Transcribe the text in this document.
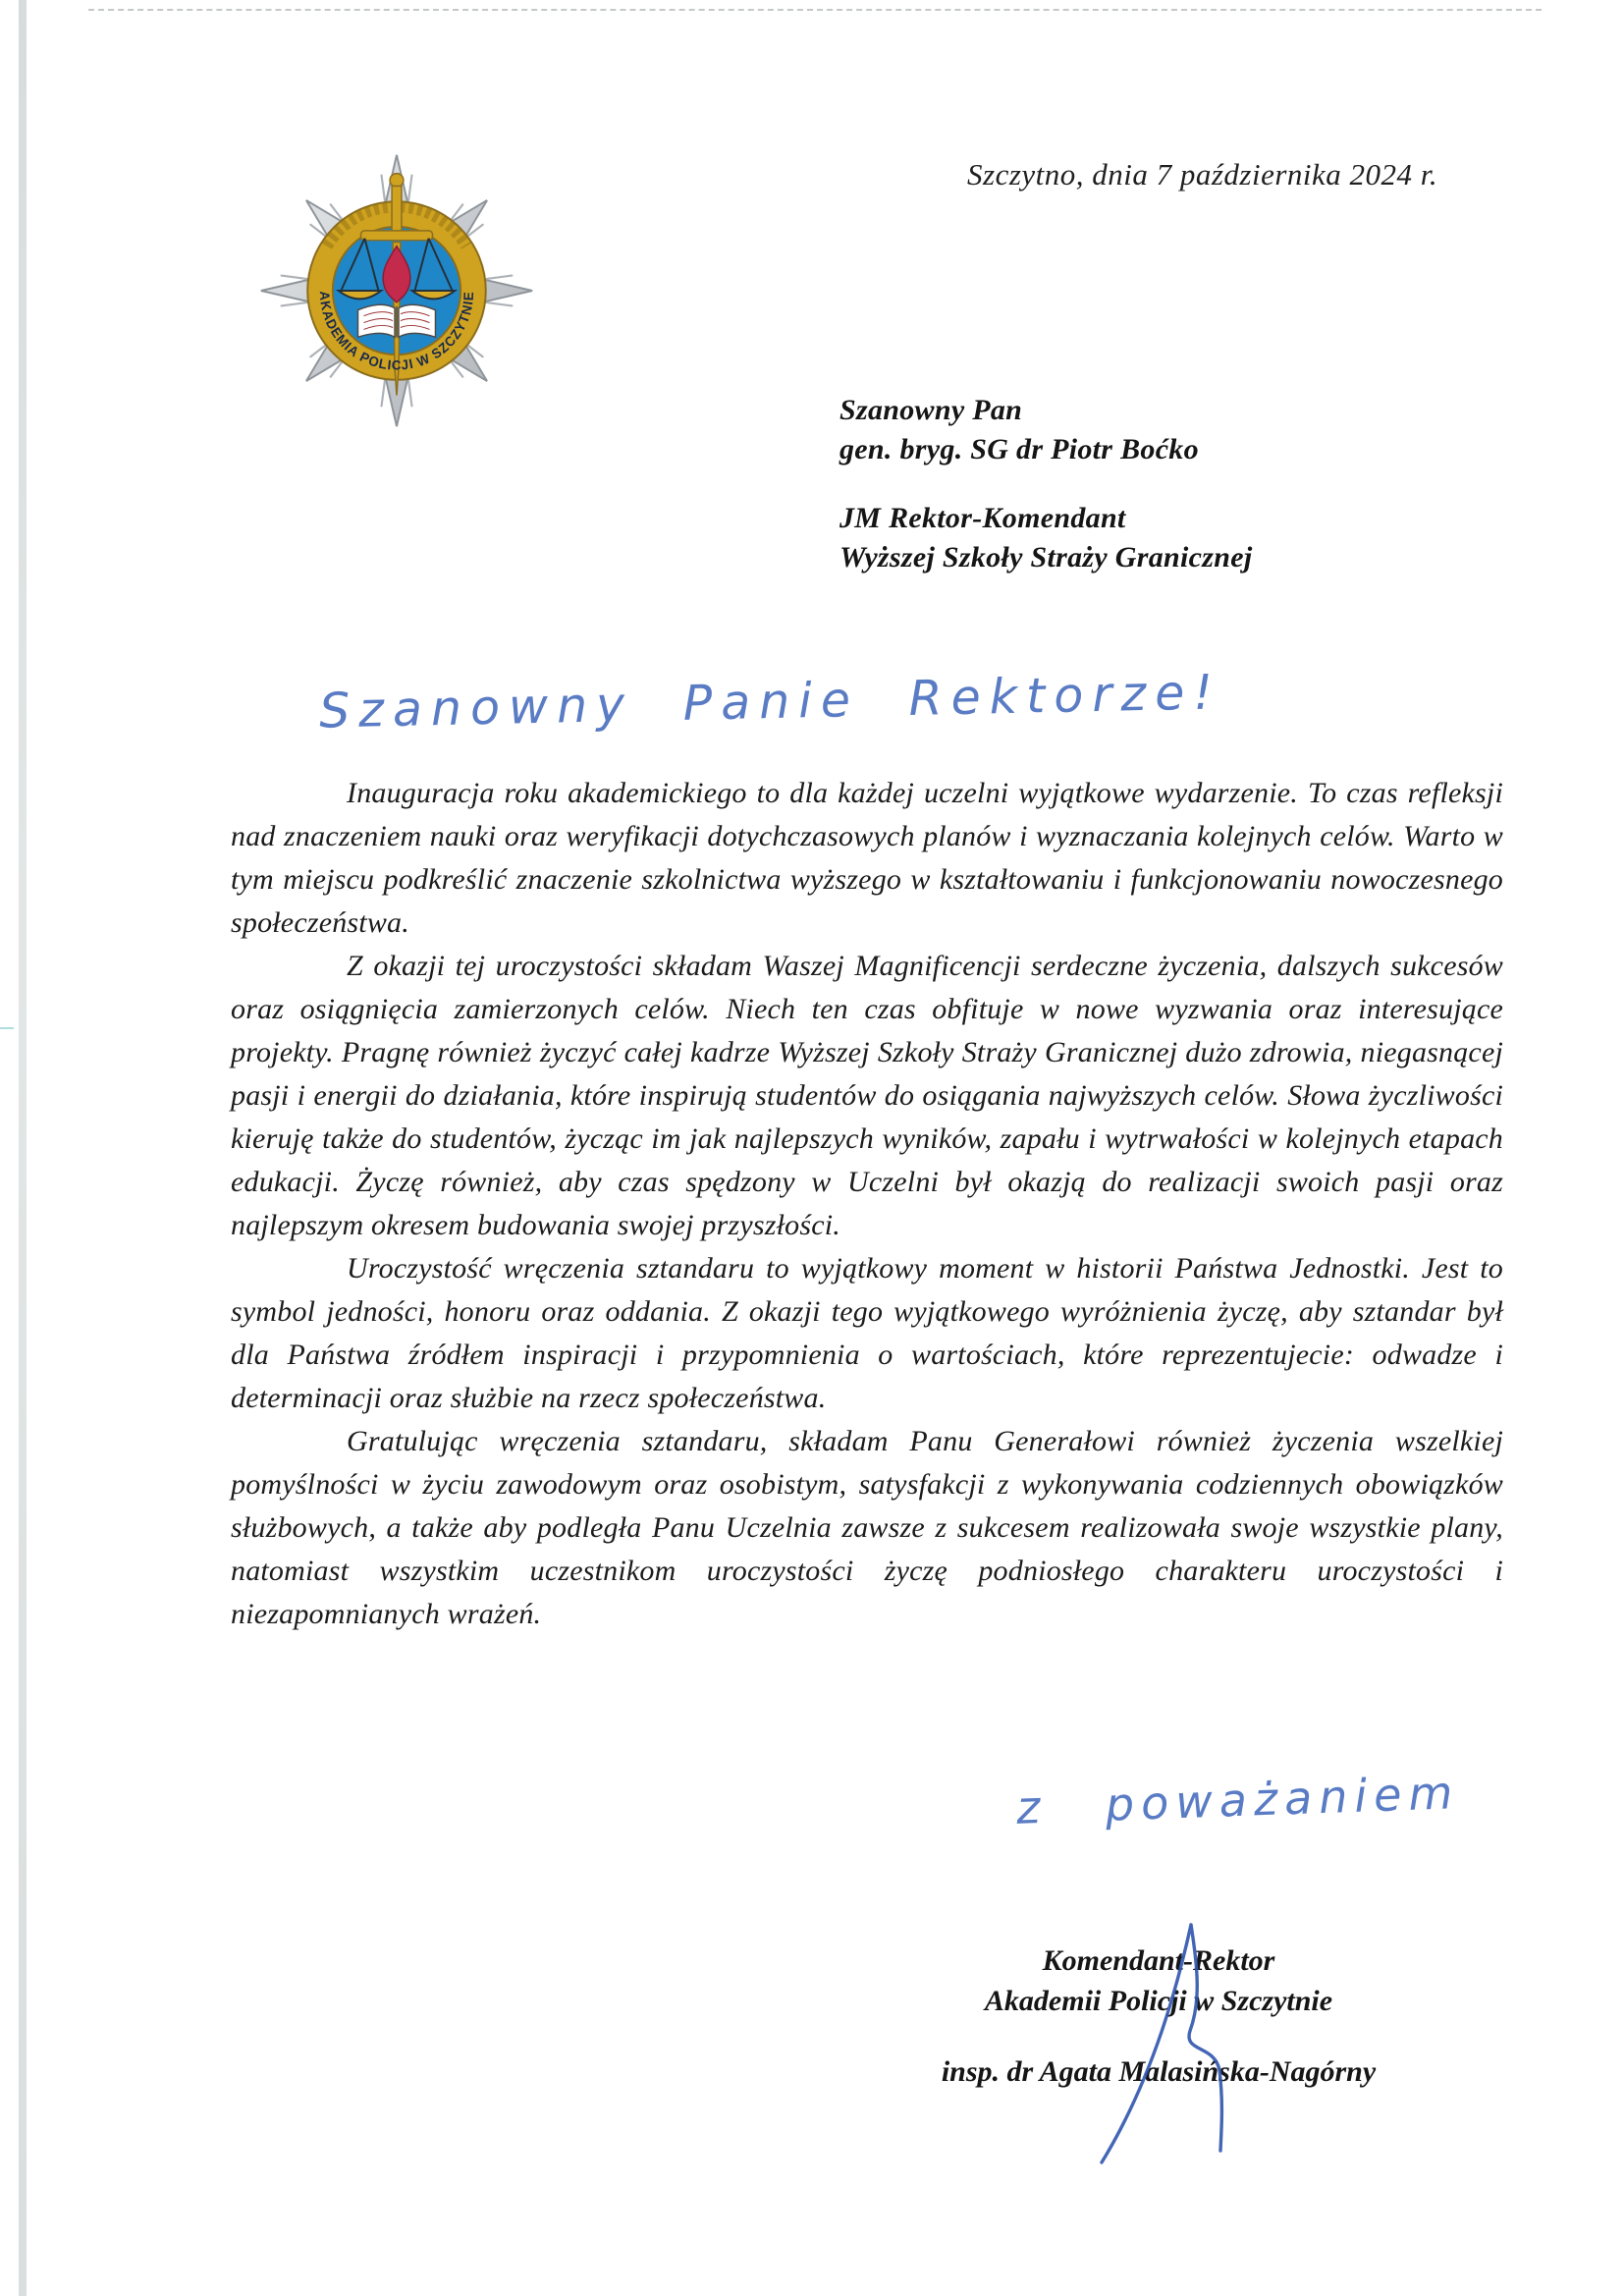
AKADEMIA POLICJI W SZCZYTNIE
Szczytno, dnia 7 października 2024 r.
Szanowny Pan
gen. bryg. SG dr Piotr Boćko
JM Rektor-Komendant
Wyższej Szkoły Straży Granicznej
Szanowny Panie Rektorze!

Inauguracja roku akademickiego to dla każdej uczelni wyjątkowe wydarzenie. To czas refleksji nad znaczeniem nauki oraz weryfikacji dotychczasowych planów i wyznaczania kolejnych celów. Warto w tym miejscu podkreślić znaczenie szkolnictwa wyższego w kształtowaniu i funkcjonowaniu nowoczesnego społeczeństwa.

Z okazji tej uroczystości składam Waszej Magnificencji serdeczne życzenia, dalszych sukcesów oraz osiągnięcia zamierzonych celów. Niech ten czas obfituje w nowe wyzwania oraz interesujące projekty. Pragnę również życzyć całej kadrze Wyższej Szkoły Straży Granicznej dużo zdrowia, niegasnącej pasji i energii do działania, które inspirują studentów do osiągania najwyższych celów. Słowa życzliwości kieruję także do studentów, życząc im jak najlepszych wyników, zapału i wytrwałości w kolejnych etapach edukacji. Życzę również, aby czas spędzony w Uczelni był okazją do realizacji swoich pasji oraz najlepszym okresem budowania swojej przyszłości.

Uroczystość wręczenia sztandaru to wyjątkowy moment w historii Państwa Jednostki. Jest to symbol jedności, honoru oraz oddania. Z okazji tego wyjątkowego wyróżnienia życzę, aby sztandar był dla Państwa źródłem inspiracji i przypomnienia o wartościach, które reprezentujecie: odwadze i determinacji oraz służbie na rzecz społeczeństwa.

Gratulując wręczenia sztandaru, składam Panu Generałowi również życzenia wszelkiej pomyślności w życiu zawodowym oraz osobistym, satysfakcji z wykonywania codziennych obowiązków służbowych, a także aby podległa Panu Uczelnia zawsze z sukcesem realizowała swoje wszystkie plany, natomiast wszystkim uczestnikom uroczystości życzę podniosłego charakteru uroczystości i niezapomnianych wrażeń.

z poważaniem
Komendant-Rektor
Akademii Policji w Szczytnie
insp. dr Agata Malasińska-Nagórny
